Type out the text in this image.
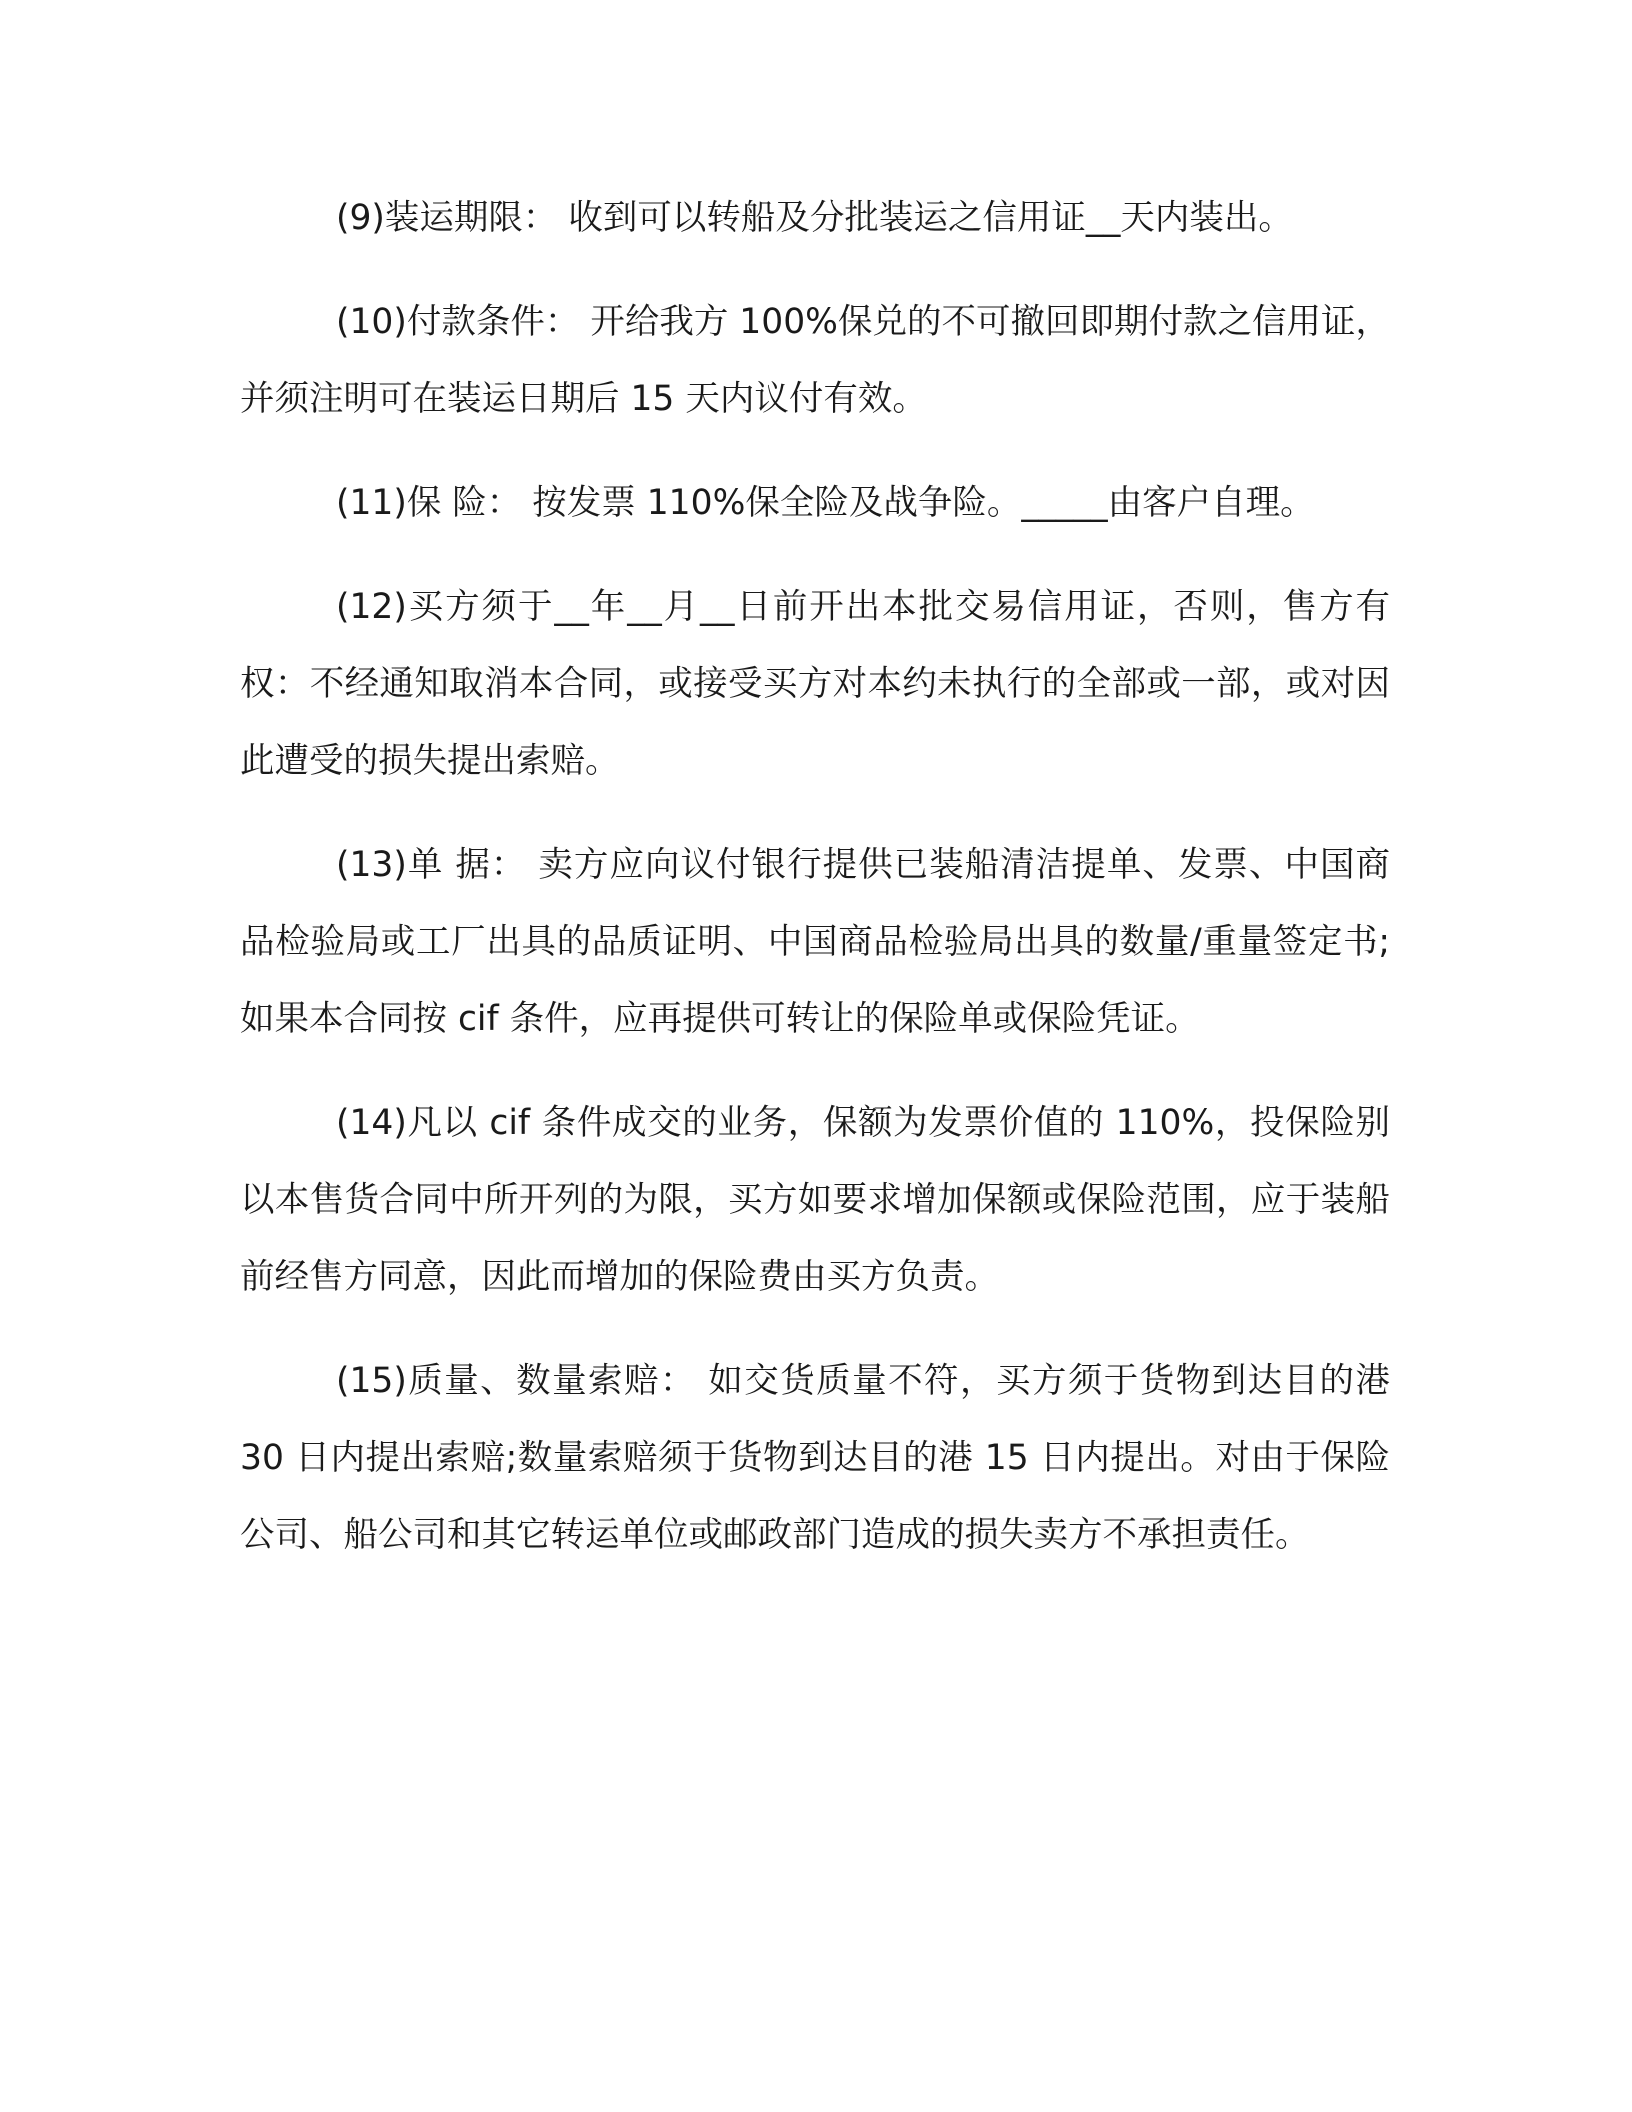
(9)装运期限： 收到可以转船及分批装运之信用证__天内装出。

(10)付款条件： 开给我方 100%保兑的不可撤回即期付款之信用证，并须注明可在装运日期后 15 天内议付有效。

(11)保 险： 按发票 110%保全险及战争险。_____由客户自理。

(12)买方须于__年__月__日前开出本批交易信用证，否则，售方有权：不经通知取消本合同，或接受买方对本约未执行的全部或一部，或对因此遭受的损失提出索赔。

(13)单 据： 卖方应向议付银行提供已装船清洁提单、发票、中国商品检验局或工厂出具的品质证明、中国商品检验局出具的数量/重量签定书;如果本合同按 cif 条件，应再提供可转让的保险单或保险凭证。

(14)凡以 cif 条件成交的业务，保额为发票价值的 110%，投保险别以本售货合同中所开列的为限，买方如要求增加保额或保险范围，应于装船前经售方同意，因此而增加的保险费由买方负责。

(15)质量、数量索赔： 如交货质量不符，买方须于货物到达目的港 30 日内提出索赔;数量索赔须于货物到达目的港 15 日内提出。对由于保险公司、船公司和其它转运单位或邮政部门造成的损失卖方不承担责任。
